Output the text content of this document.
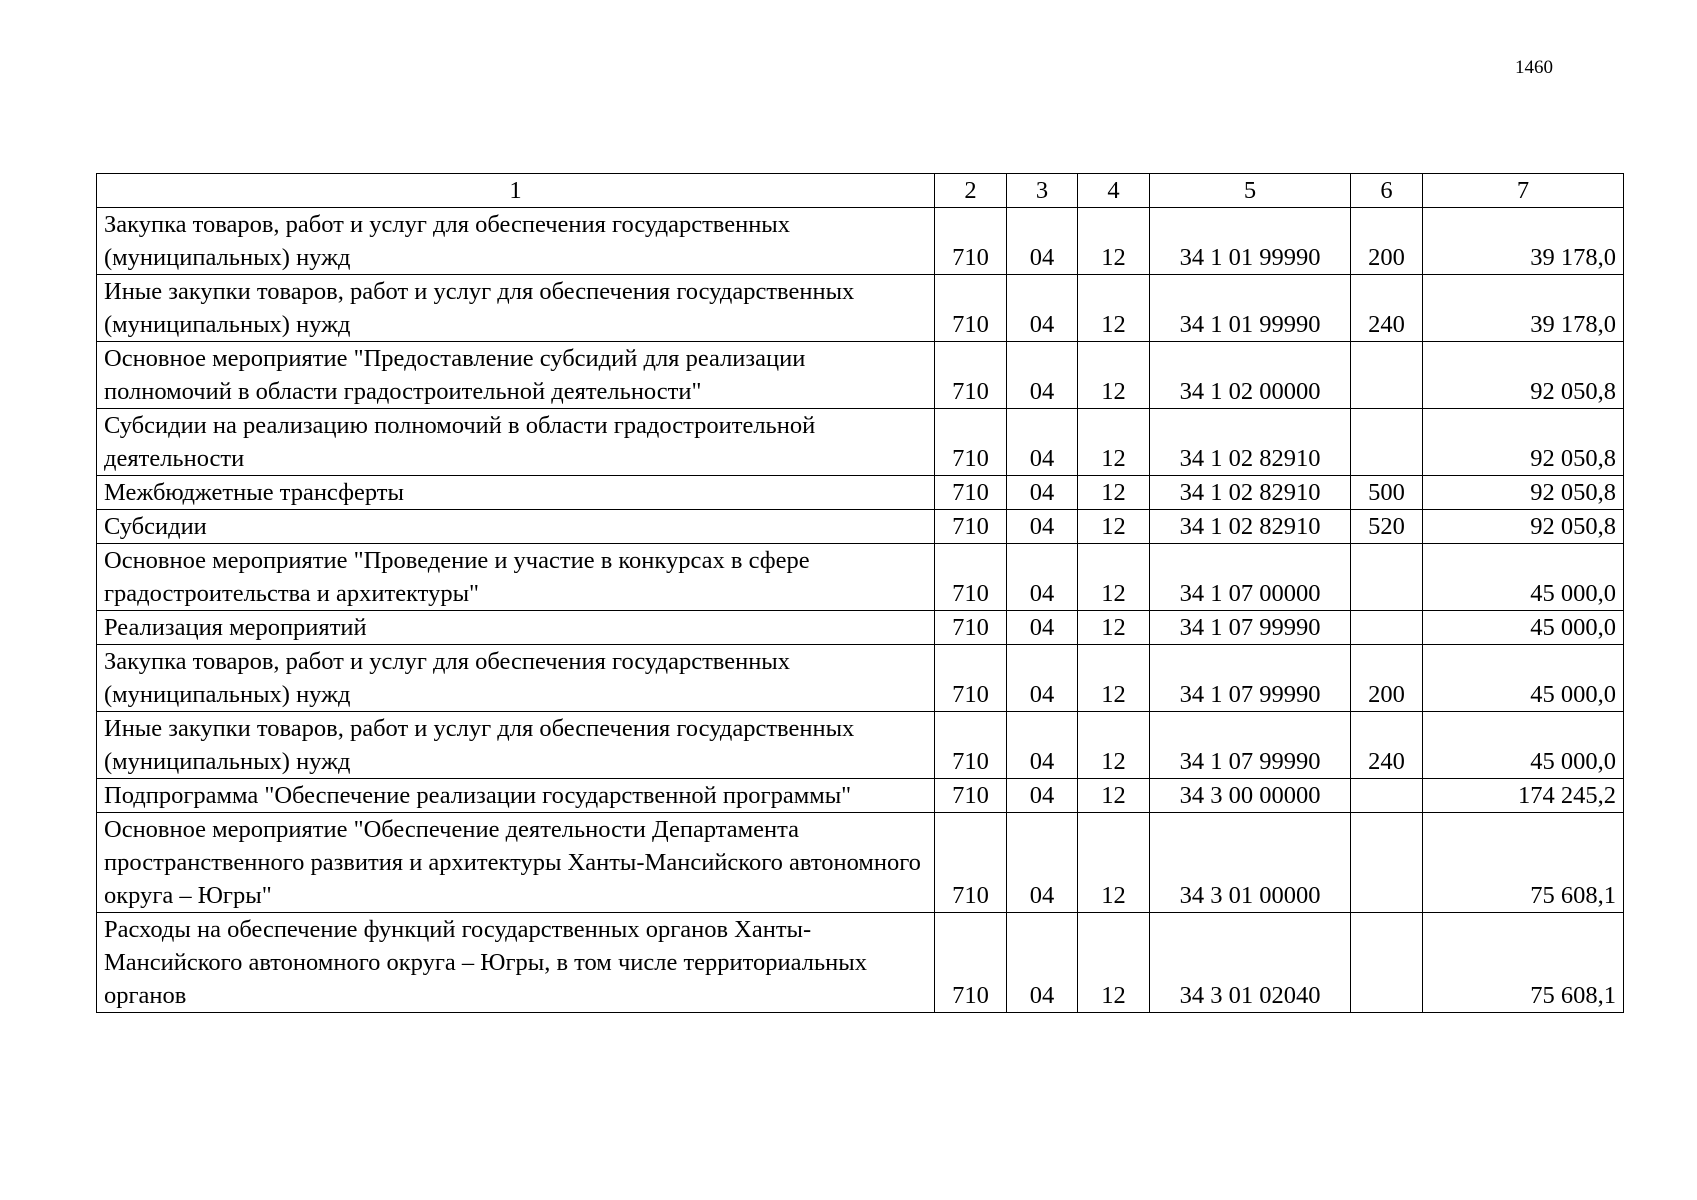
1460
1	2	3	4	5	6	7
Закупка товаров, работ и услуг для обеспечения государственных (муниципальных) нужд	710	04	12	34 1 01 99990	200	39 178,0
Иные закупки товаров, работ и услуг для обеспечения государственных (муниципальных) нужд	710	04	12	34 1 01 99990	240	39 178,0
Основное мероприятие "Предоставление субсидий для реализации полномочий в области градостроительной деятельности"	710	04	12	34 1 02 00000		92 050,8
Субсидии на реализацию полномочий в области градостроительной деятельности	710	04	12	34 1 02 82910		92 050,8
Межбюджетные трансферты	710	04	12	34 1 02 82910	500	92 050,8
Субсидии	710	04	12	34 1 02 82910	520	92 050,8
Основное мероприятие "Проведение и участие в конкурсах в сфере градостроительства и архитектуры"	710	04	12	34 1 07 00000		45 000,0
Реализация мероприятий	710	04	12	34 1 07 99990		45 000,0
Закупка товаров, работ и услуг для обеспечения государственных (муниципальных) нужд	710	04	12	34 1 07 99990	200	45 000,0
Иные закупки товаров, работ и услуг для обеспечения государственных (муниципальных) нужд	710	04	12	34 1 07 99990	240	45 000,0
Подпрограмма "Обеспечение реализации государственной программы"	710	04	12	34 3 00 00000		174 245,2
Основное мероприятие "Обеспечение деятельности Департамента пространственного развития и архитектуры Ханты-Мансийского автономного округа – Югры"	710	04	12	34 3 01 00000		75 608,1
Расходы на обеспечение функций государственных органов Ханты-Мансийского автономного округа – Югры, в том числе территориальных органов	710	04	12	34 3 01 02040		75 608,1
